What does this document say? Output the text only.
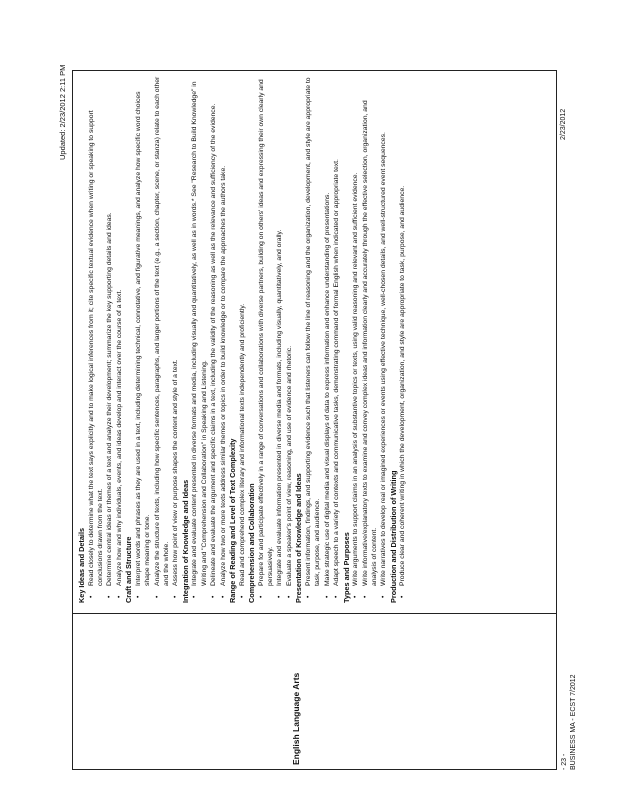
Updated: 2/23/2012 2:11 PM
English Language Arts
Key Ideas and Details • Read closely to determine what the text says explicitly and to make logical inferences from it; cite specific textual evidence when writing or speaking to support conclusions drawn from the text. • Determine central ideas or themes of a text and analyze their development; summarize the key supporting details and ideas. • Analyze how and why individuals, events, and ideas develop and interact over the course of a text. Craft and Structure • Interpret words and phrases as they are used in a text, including determining technical, connotative, and figurative meanings, and analyze how specific word choices shape meaning or tone. • Analyze the structure of texts, including how specific sentences, paragraphs, and larger portions of the text (e.g., a section, chapter, scene, or stanza) relate to each other and the whole. • Assess how point of view or purpose shapes the content and style of a text. Integration of Knowledge and Ideas • Integrate and evaluate content presented in diverse formats and media, including visually and quantitatively, as well as in words.* See "Research to Build Knowledge" in Writing and "Comprehension and Collaboration" in Speaking and Listening. • Delineate and evaluate the argument and specific claims in a text, including the validity of the reasoning as well as the relevance and sufficiency of the evidence. • Analyze how two or more texts address similar themes or topics in order to build knowledge or to compare the approaches the authors take. Range of Reading and Level of Text Complexity • Read and comprehend complex literary and informational texts independently and proficiently. Comprehension and Collaboration • Prepare for and participate effectively in a range of conversations and collaborations with diverse partners, building on others' ideas and expressing their own clearly and persuasively. • Integrate and evaluate information presented in diverse media and formats, including visually, quantitatively, and orally. • Evaluate a speaker's point of view, reasoning, and use of evidence and rhetoric. Presentation of Knowledge and Ideas • Present information, findings, and supporting evidence such that listeners can follow the line of reasoning and the organization, development, and style are appropriate to task, purpose, and audience. • Make strategic use of digital media and visual displays of data to express information and enhance understanding of presentations. • Adapt speech to a variety of contexts and communicative tasks, demonstrating command of formal English when indicated or appropriate text. Types and Purposes • Write arguments to support claims in an analysis of substantive topics or texts, using valid reasoning and relevant and sufficient evidence. • Write informative/explanatory texts to examine and convey complex ideas and information clearly and accurately through the effective selection, organization, and analysis of content. • Write narratives to develop real or imagined experiences or events using effective technique, well-chosen details, and well-structured event sequences. Production and Distribution of Writing • Produce clear and coherent writing in which the development, organization, and style are appropriate to task, purpose, and audience.
- 23 - BUSINESS MA - ECST 7/2012
2/23/2012
